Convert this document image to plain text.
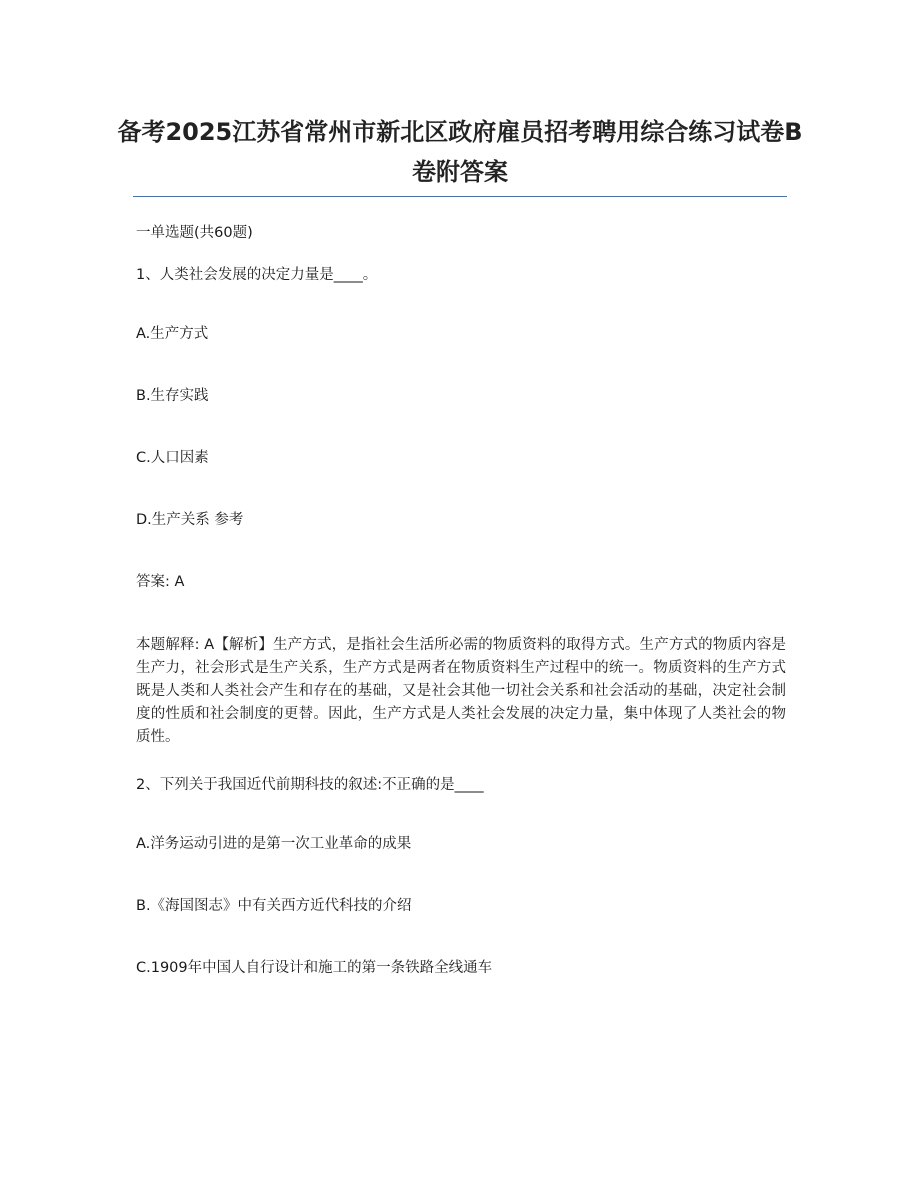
备考2025江苏省常州市新北区政府雇员招考聘用综合练习试卷B卷附答案
一单选题(共60题)
1、人类社会发展的决定力量是____。
A.生产方式
B.生存实践
C.人口因素
D.生产关系 参考
答案: A
本题解释: A【解析】生产方式，是指社会生活所必需的物质资料的取得方式。生产方式的物质内容是生产力，社会形式是生产关系，生产方式是两者在物质资料生产过程中的统一。物质资料的生产方式既是人类和人类社会产生和存在的基础，又是社会其他一切社会关系和社会活动的基础，决定社会制度的性质和社会制度的更替。因此，生产方式是人类社会发展的决定力量，集中体现了人类社会的物质性。
2、下列关于我国近代前期科技的叙述:不正确的是____
A.洋务运动引进的是第一次工业革命的成果
B.《海国图志》中有关西方近代科技的介绍
C.1909年中国人自行设计和施工的第一条铁路全线通车
